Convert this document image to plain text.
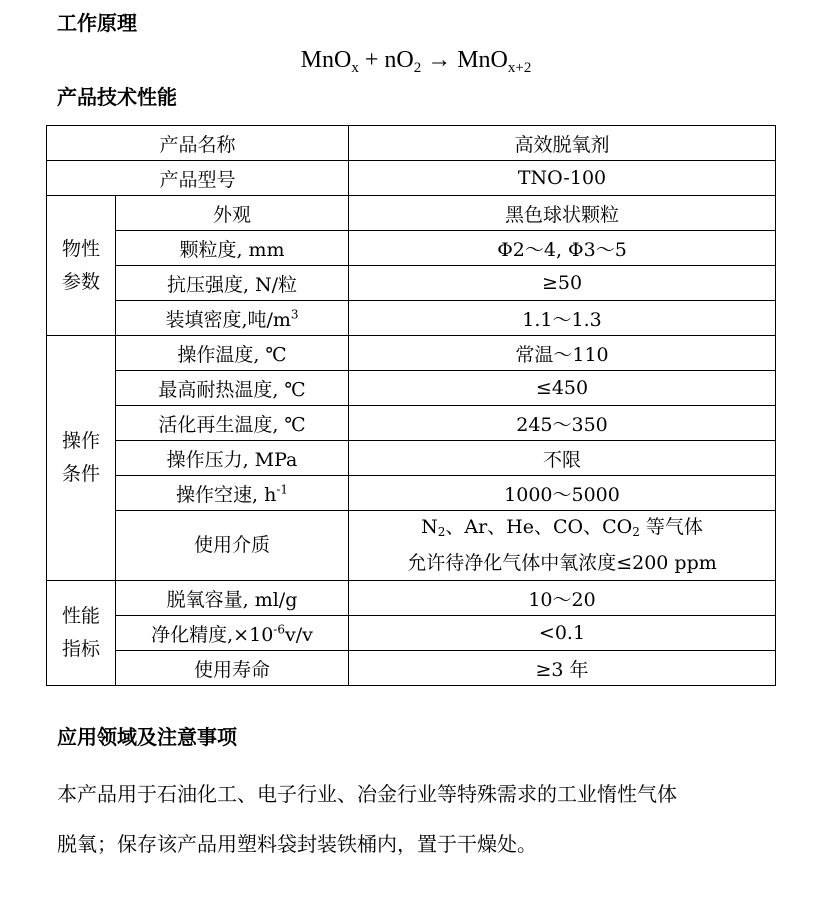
工作原理
$MnO_x + nO_2 \to MnO_{x+2}$
产品技术性能
产品名称		高效脱氧剂
产品型号		TNO-100

物性
参数	外观	黑色球状颗粒
	颗粒度, mm	Φ2～4, Φ3～5
	抗压强度, N/粒	≥50
	装填密度,吨$/m^3$	1.1～1.3

操作
条件	操作温度, ℃	常温～110
	最高耐热温度, ℃	≤450
	活化再生温度, ℃	245～350
	操作压力, MPa	不限
	操作空速, $h^{-1}$	1000～5000
	使用介质	$N_2$、Ar、He、CO、$CO_2$ 等气体
允许待净化气体中氧浓度≤200 ppm

性能
指标	脱氧容量, ml/g	10～20
	净化精度$,\times 10^{-6}v/v$	<0.1
	使用寿命	≥3 年
应用领域及注意事项
本产品用于石油化工、电子行业、冶金行业等特殊需求的工业惰性气体
脱氧；保存该产品用塑料袋封装铁桶内，置于干燥处。
